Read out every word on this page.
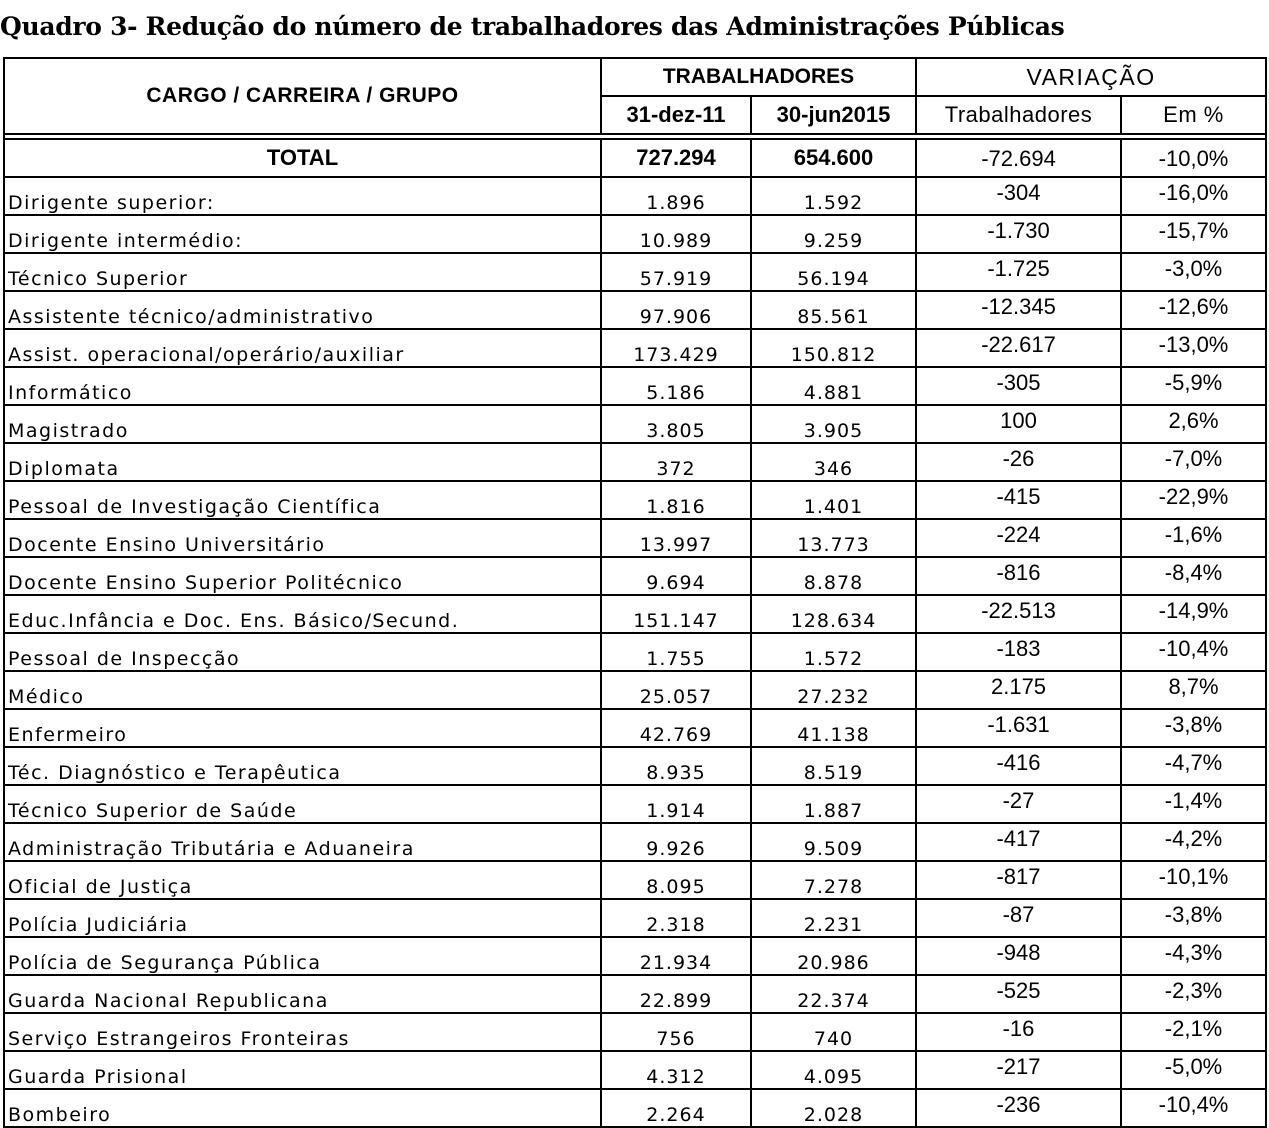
Quadro 3- Redução do número de trabalhadores das Administrações Públicas
CARGO / CARREIRA / GRUPO	TRABALHADORES		VARIAÇÃO	
	31-dez-11	30-jun2015	Trabalhadores	Em %

TOTAL	727.294	654.600	-72.694	-10,0%
Dirigente superior:	1.896	1.592	-304	-16,0%
Dirigente intermédio:	10.989	9.259	-1.730	-15,7%
Técnico Superior	57.919	56.194	-1.725	-3,0%
Assistente técnico/administrativo	97.906	85.561	-12.345	-12,6%
Assist. operacional/operário/auxiliar	173.429	150.812	-22.617	-13,0%
Informático	5.186	4.881	-305	-5,9%
Magistrado	3.805	3.905	100	2,6%
Diplomata	372	346	-26	-7,0%
Pessoal de Investigação Científica	1.816	1.401	-415	-22,9%
Docente Ensino Universitário	13.997	13.773	-224	-1,6%
Docente Ensino Superior Politécnico	9.694	8.878	-816	-8,4%
Educ.Infância e Doc. Ens. Básico/Secund.	151.147	128.634	-22.513	-14,9%
Pessoal de Inspecção	1.755	1.572	-183	-10,4%
Médico	25.057	27.232	2.175	8,7%
Enfermeiro	42.769	41.138	-1.631	-3,8%
Téc. Diagnóstico e Terapêutica	8.935	8.519	-416	-4,7%
Técnico Superior de Saúde	1.914	1.887	-27	-1,4%
Administração Tributária e Aduaneira	9.926	9.509	-417	-4,2%
Oficial de Justiça	8.095	7.278	-817	-10,1%
Polícia Judiciária	2.318	2.231	-87	-3,8%
Polícia de Segurança Pública	21.934	20.986	-948	-4,3%
Guarda Nacional Republicana	22.899	22.374	-525	-2,3%
Serviço Estrangeiros Fronteiras	756	740	-16	-2,1%
Guarda Prisional	4.312	4.095	-217	-5,0%
Bombeiro	2.264	2.028	-236	-10,4%
